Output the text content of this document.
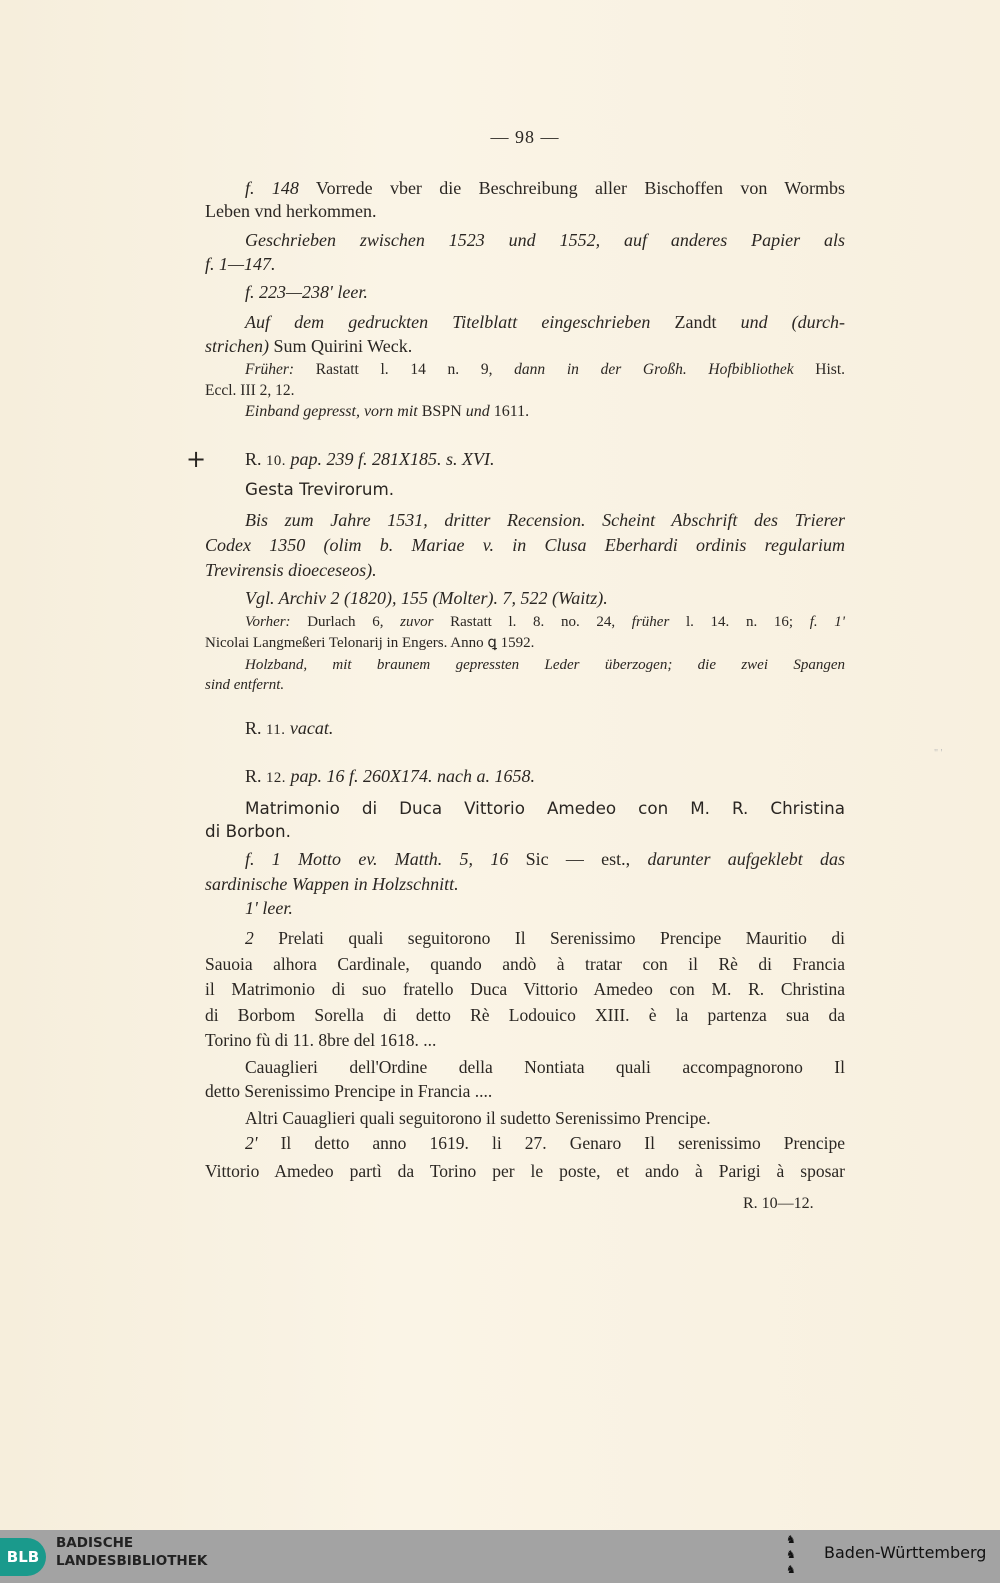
— 98 —
+
" '
f. 148 Vorrede vber die Beschreibung aller Bischoffen von Wormbs
Leben vnd herkommen.
Geschrieben zwischen 1523 und 1552, auf anderes Papier als
f. 1—147.
f. 223—238' leer.
Auf dem gedruckten Titelblatt eingeschrieben Zandt und (durch-
strichen) Sum Quirini Weck.
Früher: Rastatt l. 14 n. 9, dann in der Großh. Hofbibliothek Hist.
Eccl. III 2, 12.
Einband gepresst, vorn mit BSPN und 1611.
R. 10. pap. 239 f. 281X185. s. XVI.
Gesta Trevirorum.
Bis zum Jahre 1531, dritter Recension. Scheint Abschrift des Trierer
Codex 1350 (olim b. Mariae v. in Clusa Eberhardi ordinis regularium
Trevirensis dioeceseos).
Vgl. Archiv 2 (1820), 155 (Molter). 7, 522 (Waitz).
Vorher: Durlach 6, zuvor Rastatt l. 8. no. 24, früher l. 14. n. 16; f. 1'
Nicolai Langmeßeri Telonarij in Engers. Anno ꝗ 1592.
Holzband, mit braunem gepressten Leder überzogen; die zwei Spangen
sind entfernt.
R. 11. vacat.
R. 12. pap. 16 f. 260X174. nach a. 1658.
Matrimonio di Duca Vittorio Amedeo con M. R. Christina
di Borbon.
f. 1 Motto ev. Matth. 5, 16 Sic — est., darunter aufgeklebt das
sardinische Wappen in Holzschnitt.
1' leer.
2 Prelati quali seguitorono Il Serenissimo Prencipe Mauritio di
Sauoia alhora Cardinale, quando andò à tratar con il Rè di Francia
il Matrimonio di suo fratello Duca Vittorio Amedeo con M. R. Christina
di Borbom Sorella di detto Rè Lodouico XIII. è la partenza sua da
Torino fù di 11. 8bre del 1618. ...
Cauaglieri dell'Ordine della Nontiata quali accompagnorono Il
detto Serenissimo Prencipe in Francia ....
Altri Cauaglieri quali seguitorono il sudetto Serenissimo Prencipe.
2' Il detto anno 1619. li 27. Genaro Il serenissimo Prencipe
Vittorio Amedeo partì da Torino per le poste, et ando à Parigi à sposar
R. 10—12.
BLB
BADISCHE
LANDESBIBLIOTHEK
♞
♞
♞
Baden-Württemberg
